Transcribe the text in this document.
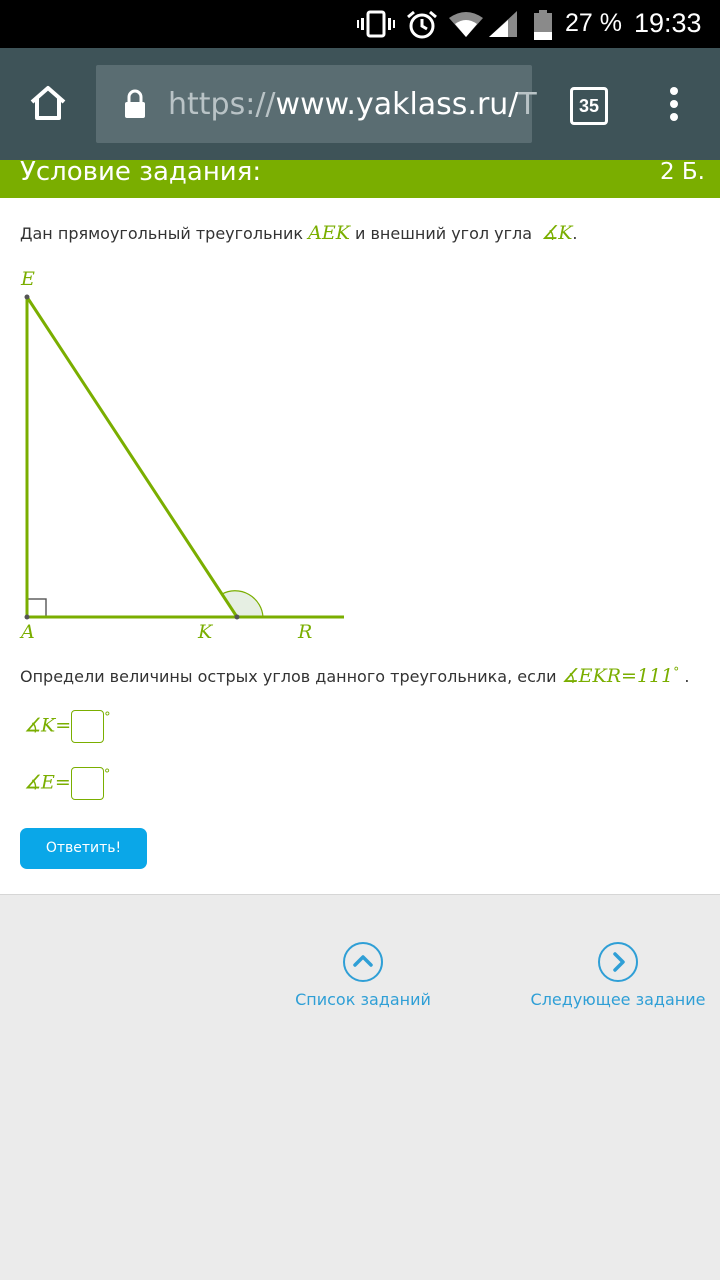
27 % 19:33
https://www.yaklass.ru/T	35
Условие задания:	2 Б.
Дан прямоугольный треугольник AEK и внешний угол угла ∡K.
E
A	K	R
Определи величины острых углов данного треугольника, если ∡EKR=111° .
∡K=	°
∡E=	°
Ответить!
Список заданий	Следующее задание
